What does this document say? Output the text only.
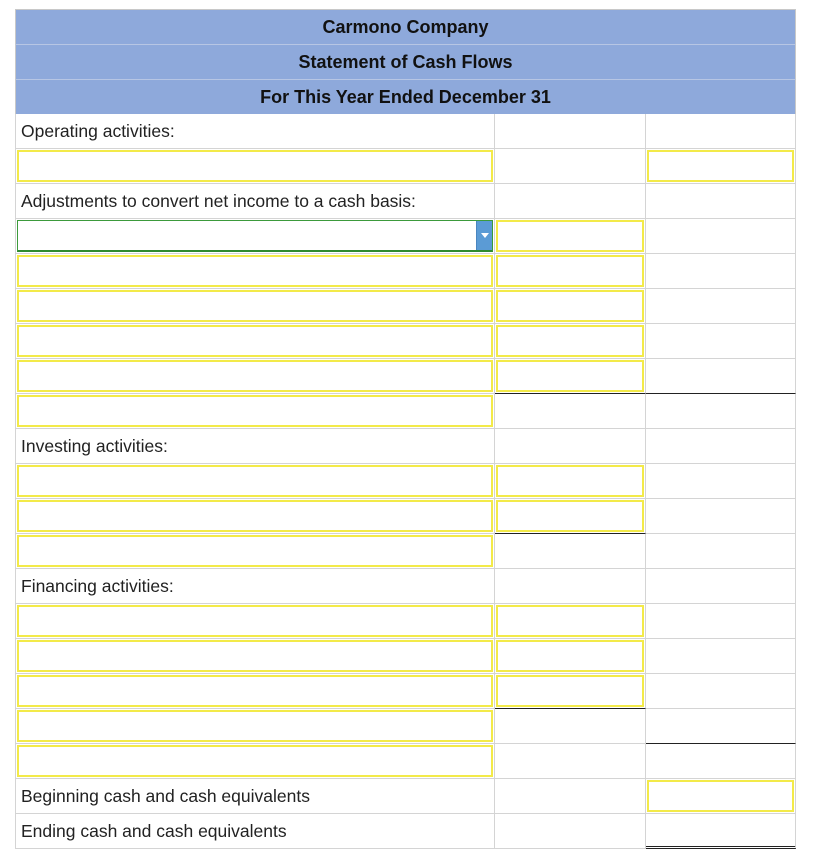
Carmono Company
Statement of Cash Flows
For This Year Ended December 31
Operating activities:
Adjustments to convert net income to a cash basis:
Investing activities:
Financing activities:
Beginning cash and cash equivalents
Ending cash and cash equivalents
